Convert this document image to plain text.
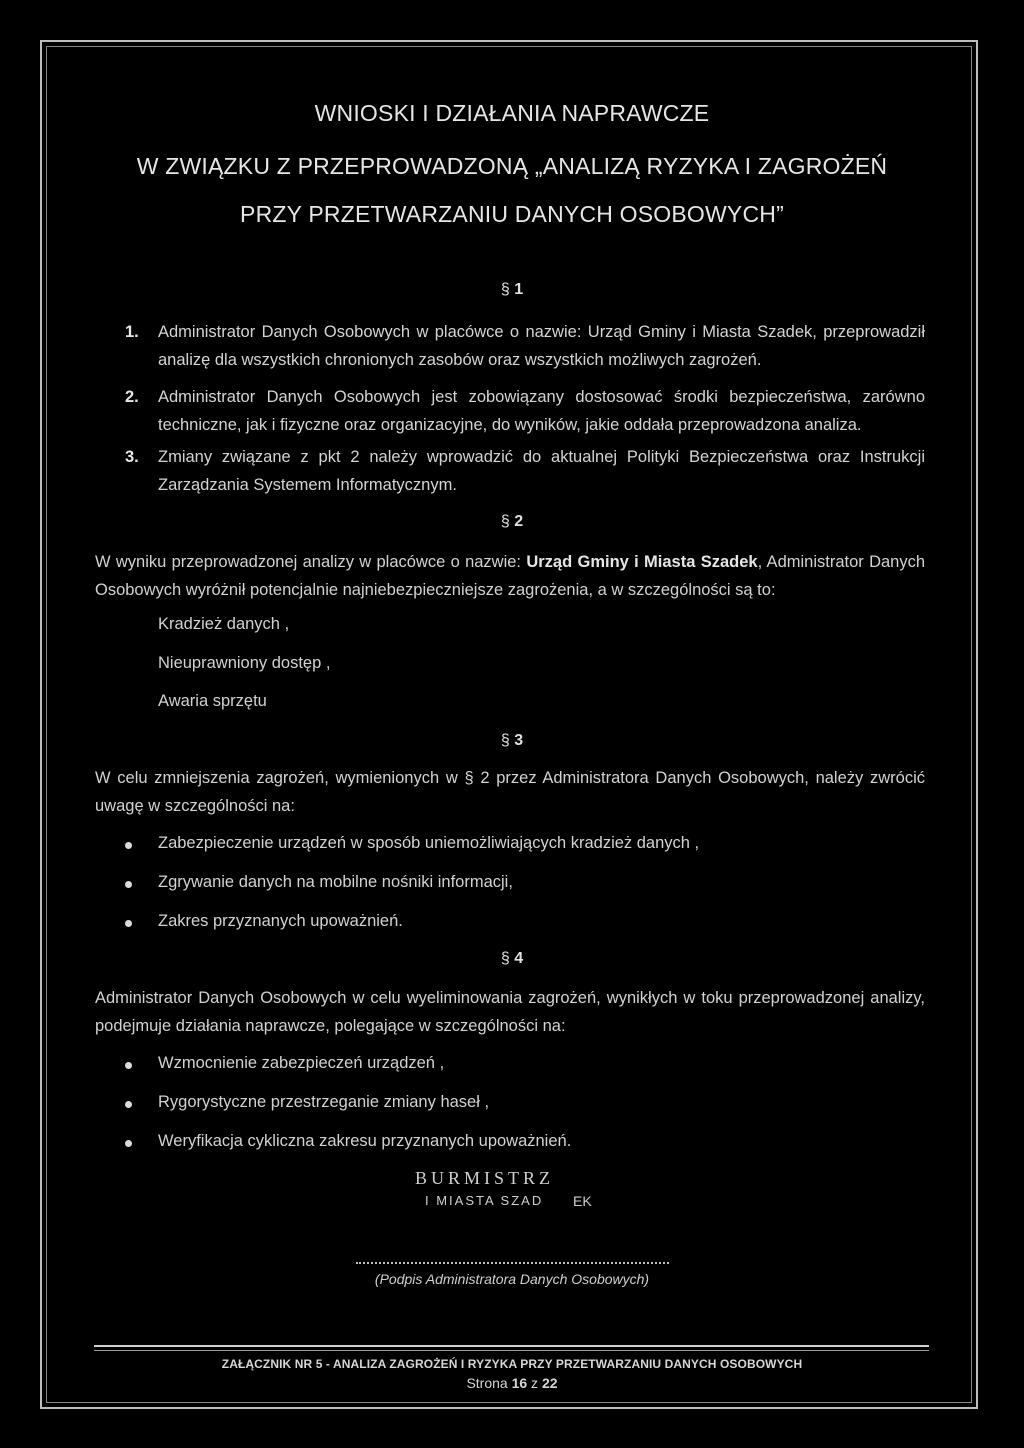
WNIOSKI I DZIAŁANIA NAPRAWCZE
W ZWIĄZKU Z PRZEPROWADZONĄ „ANALIZĄ RYZYKA I ZAGROŻEŃ
PRZY PRZETWARZANIU DANYCH OSOBOWYCH”
§ 1
1. Administrator Danych Osobowych w placówce o nazwie: Urząd Gminy i Miasta Szadek, przeprowadził analizę dla wszystkich chronionych zasobów oraz wszystkich możliwych zagrożeń.
2. Administrator Danych Osobowych jest zobowiązany dostosować środki bezpieczeństwa, zarówno techniczne, jak i fizyczne oraz organizacyjne, do wyników, jakie oddała przeprowadzona analiza.
3. Zmiany związane z pkt 2 należy wprowadzić do aktualnej Polityki Bezpieczeństwa oraz Instrukcji Zarządzania Systemem Informatycznym.
§ 2
W wyniku przeprowadzonej analizy w placówce o nazwie: Urząd Gminy i Miasta Szadek, Administrator Danych Osobowych wyróżnił potencjalnie najniebezpieczniejsze zagrożenia, a w szczególności są to:
Kradzież danych ,
Nieuprawniony dostęp ,
Awaria sprzętu
§ 3
W celu zmniejszenia zagrożeń, wymienionych w § 2 przez Administratora Danych Osobowych, należy zwrócić uwagę w szczególności na:
Zabezpieczenie urządzeń w sposób uniemożliwiających kradzież danych ,
Zgrywanie danych na mobilne nośniki informacji,
Zakres przyznanych upoważnień.
§ 4
Administrator Danych Osobowych w celu wyeliminowania zagrożeń, wynikłych w toku przeprowadzonej analizy, podejmuje działania naprawcze, polegające w szczególności na:
Wzmocnienie zabezpieczeń urządzeń ,
Rygorystyczne przestrzeganie zmiany haseł ,
Weryfikacja cykliczna zakresu przyznanych upoważnień.
BURMISTRZ
I MIASTA SZAD	EK
(Podpis Administratora Danych Osobowych)
ZAŁĄCZNIK NR 5 - ANALIZA ZAGROŻEŃ I RYZYKA PRZY PRZETWARZANIU DANYCH OSOBOWYCH
Strona 16 z 22
